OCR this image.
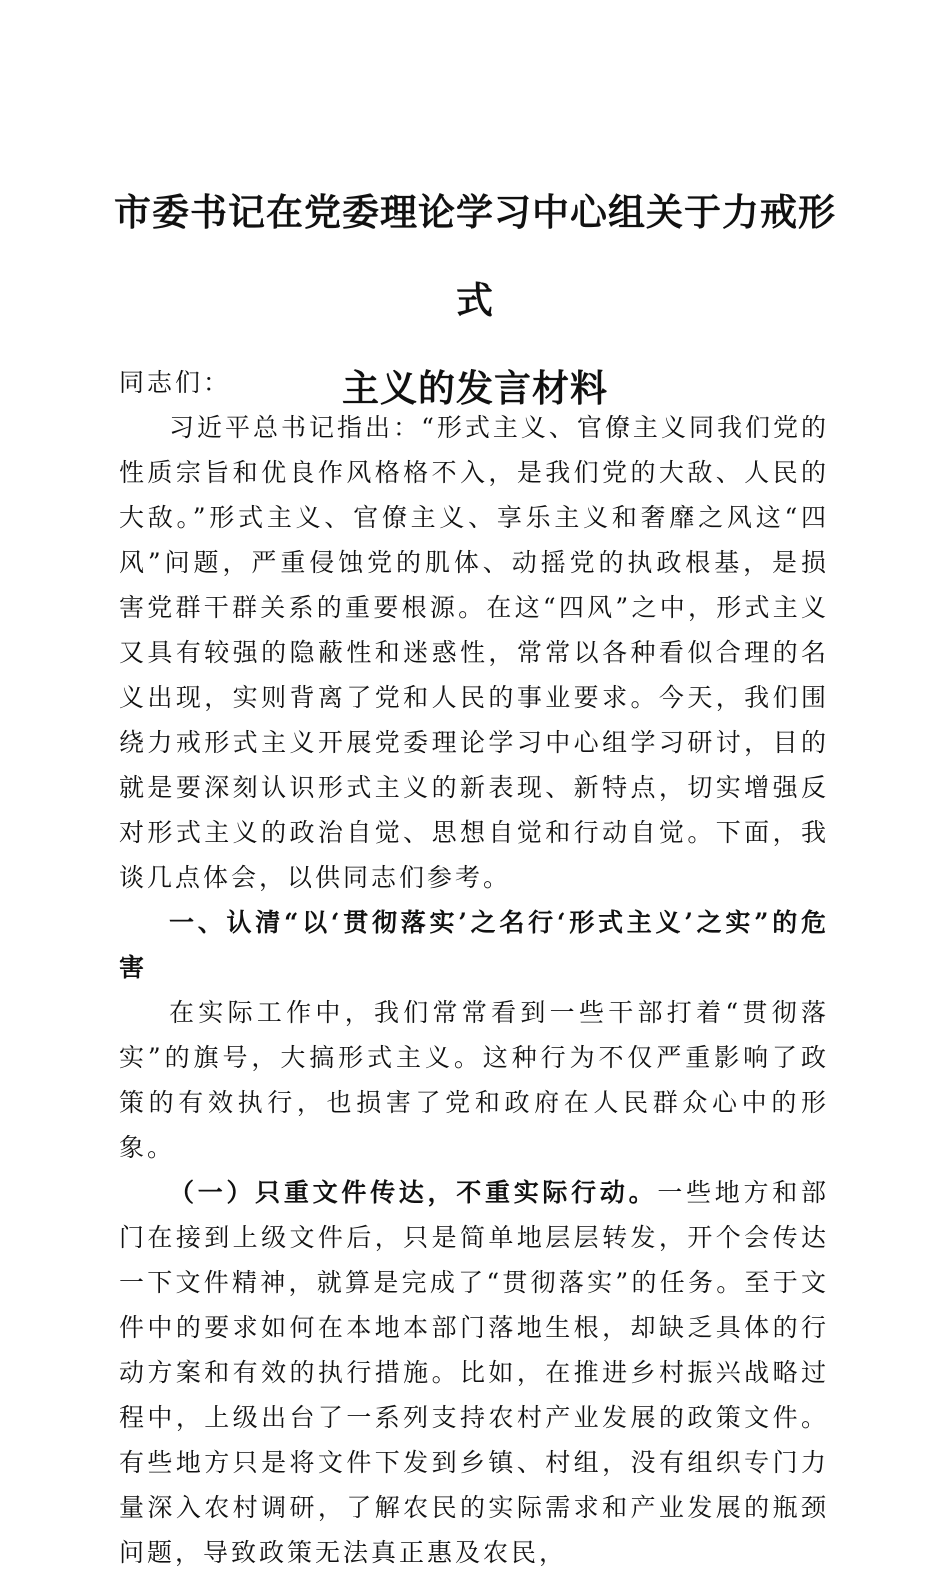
市委书记在党委理论学习中心组关于力戒形式
主义的发言材料

同志们：

习近平总书记指出：“形式主义、官僚主义同我们党的性质宗旨和优良作风格格不入，是我们党的大敌、人民的大敌。”形式主义、官僚主义、享乐主义和奢靡之风这“四风”问题，严重侵蚀党的肌体、动摇党的执政根基，是损害党群干群关系的重要根源。在这“四风”之中，形式主义又具有较强的隐蔽性和迷惑性，常常以各种看似合理的名义出现，实则背离了党和人民的事业要求。今天，我们围绕力戒形式主义开展党委理论学习中心组学习研讨，目的就是要深刻认识形式主义的新表现、新特点，切实增强反对形式主义的政治自觉、思想自觉和行动自觉。下面，我谈几点体会，以供同志们参考。

一、认清“以‘贯彻落实’之名行‘形式主义’之实”的危害

在实际工作中，我们常常看到一些干部打着“贯彻落实”的旗号，大搞形式主义。这种行为不仅严重影响了政策的有效执行，也损害了党和政府在人民群众心中的形象。

（一）只重文件传达，不重实际行动。一些地方和部门在接到上级文件后，只是简单地层层转发，开个会传达一下文件精神，就算是完成了“贯彻落实”的任务。至于文件中的要求如何在本地本部门落地生根，却缺乏具体的行动方案和有效的执行措施。比如，在推进乡村振兴战略过程中，上级出台了一系列支持农村产业发展的政策文件。有些地方只是将文件下发到乡镇、村组，没有组织专门力量深入农村调研，了解农民的实际需求和产业发展的瓶颈问题，导致政策无法真正惠及农民，
